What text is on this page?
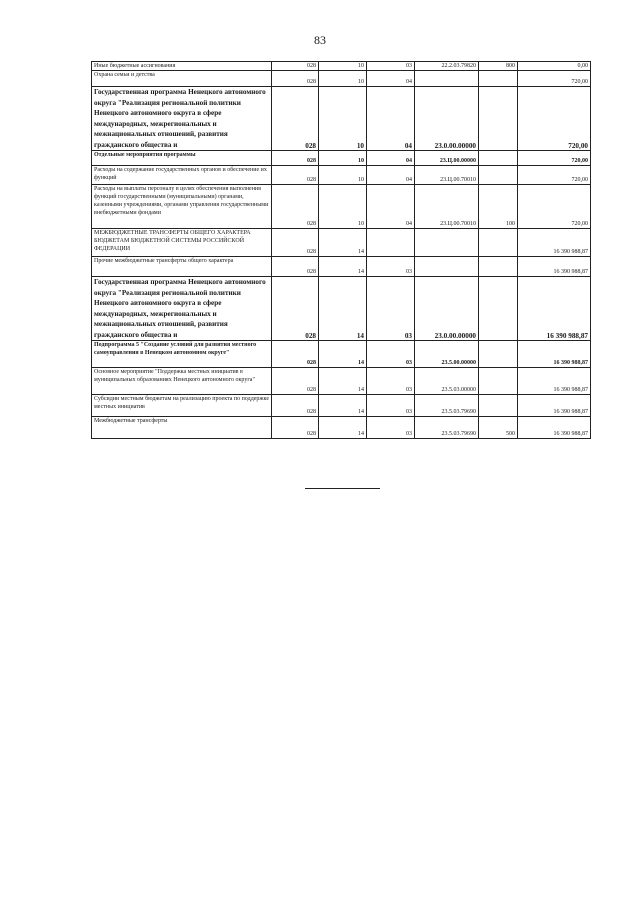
83
Иные бюджетные ассигнования	028	10	03	22.2.03.79820	800	0,00
Охрана семьи и детства	028	10	04			720,00
Государственная программа Ненецкого автономного округа "Реализация региональной политики Ненецкого автономного округа в сфере международных, межрегиональных и межнациональных отношений, развития гражданского общества и	028	10	04	23.0.00.00000		720,00
Отдельные мероприятия программы	028	10	04	23.Ц.00.00000		720,00
Расходы на содержание государственных органов и обеспечение их функций	028	10	04	23.Ц.00.70010		720,00
Расходы на выплаты персоналу в целях обеспечения выполнения функций государственными (муниципальными) органами, казенными учреждениями, органами управления государственными внебюджетными фондами	028	10	04	23.Ц.00.70010	100	720,00
МЕЖБЮДЖЕТНЫЕ ТРАНСФЕРТЫ ОБЩЕГО ХАРАКТЕРА БЮДЖЕТАМ БЮДЖЕТНОЙ СИСТЕМЫ РОССИЙСКОЙ ФЕДЕРАЦИИ	028	14				16 390 988,87
Прочие межбюджетные трансферты общего характера	028	14	03			16 390 988,87
Государственная программа Ненецкого автономного округа "Реализация региональной политики Ненецкого автономного округа в сфере международных, межрегиональных и межнациональных отношений, развития гражданского общества и	028	14	03	23.0.00.00000		16 390 988,87
Подпрограмма 5 "Создание условий для развития местного самоуправления в Ненецком автономном округе"	028	14	03	23.5.00.00000		16 390 988,87
Основное мероприятие "Поддержка местных инициатив в муниципальных образованиях Ненецкого автономного округа"	028	14	03	23.5.03.00000		16 390 988,87
Субсидии местным бюджетам на реализацию проекта по поддержке местных инициатив	028	14	03	23.5.03.79690		16 390 988,87
Межбюджетные трансферты	028	14	03	23.5.03.79690	500	16 390 988,87
